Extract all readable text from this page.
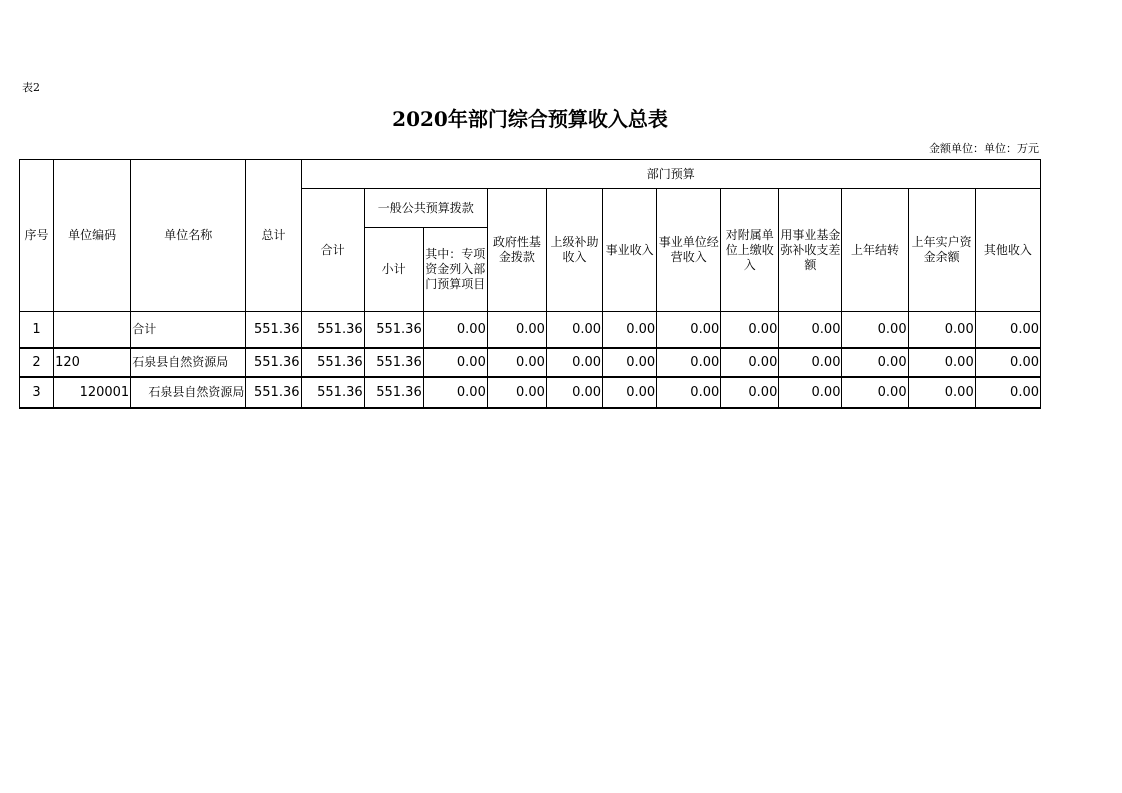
表2
2020年部门综合预算收入总表
金额单位：单位：万元
序号	单位编码	单位名称	总计	部门预算											
				合计	一般公共预算拨款		政府性基金拨款	上级补助收入	事业收入	事业单位经营收入	对附属单位上缴收入	用事业基金弥补收支差额	上年结转	上年实户资金余额	其他收入
					小计	其中：专项资金列入部门预算项目									

1		合计	551.36	551.36	551.36	0.00	0.00	0.00	0.00	0.00	0.00	0.00	0.00	0.00	0.00
2	120	石泉县自然资源局	551.36	551.36	551.36	0.00	0.00	0.00	0.00	0.00	0.00	0.00	0.00	0.00	0.00
3	120001	石泉县自然资源局	551.36	551.36	551.36	0.00	0.00	0.00	0.00	0.00	0.00	0.00	0.00	0.00	0.00
